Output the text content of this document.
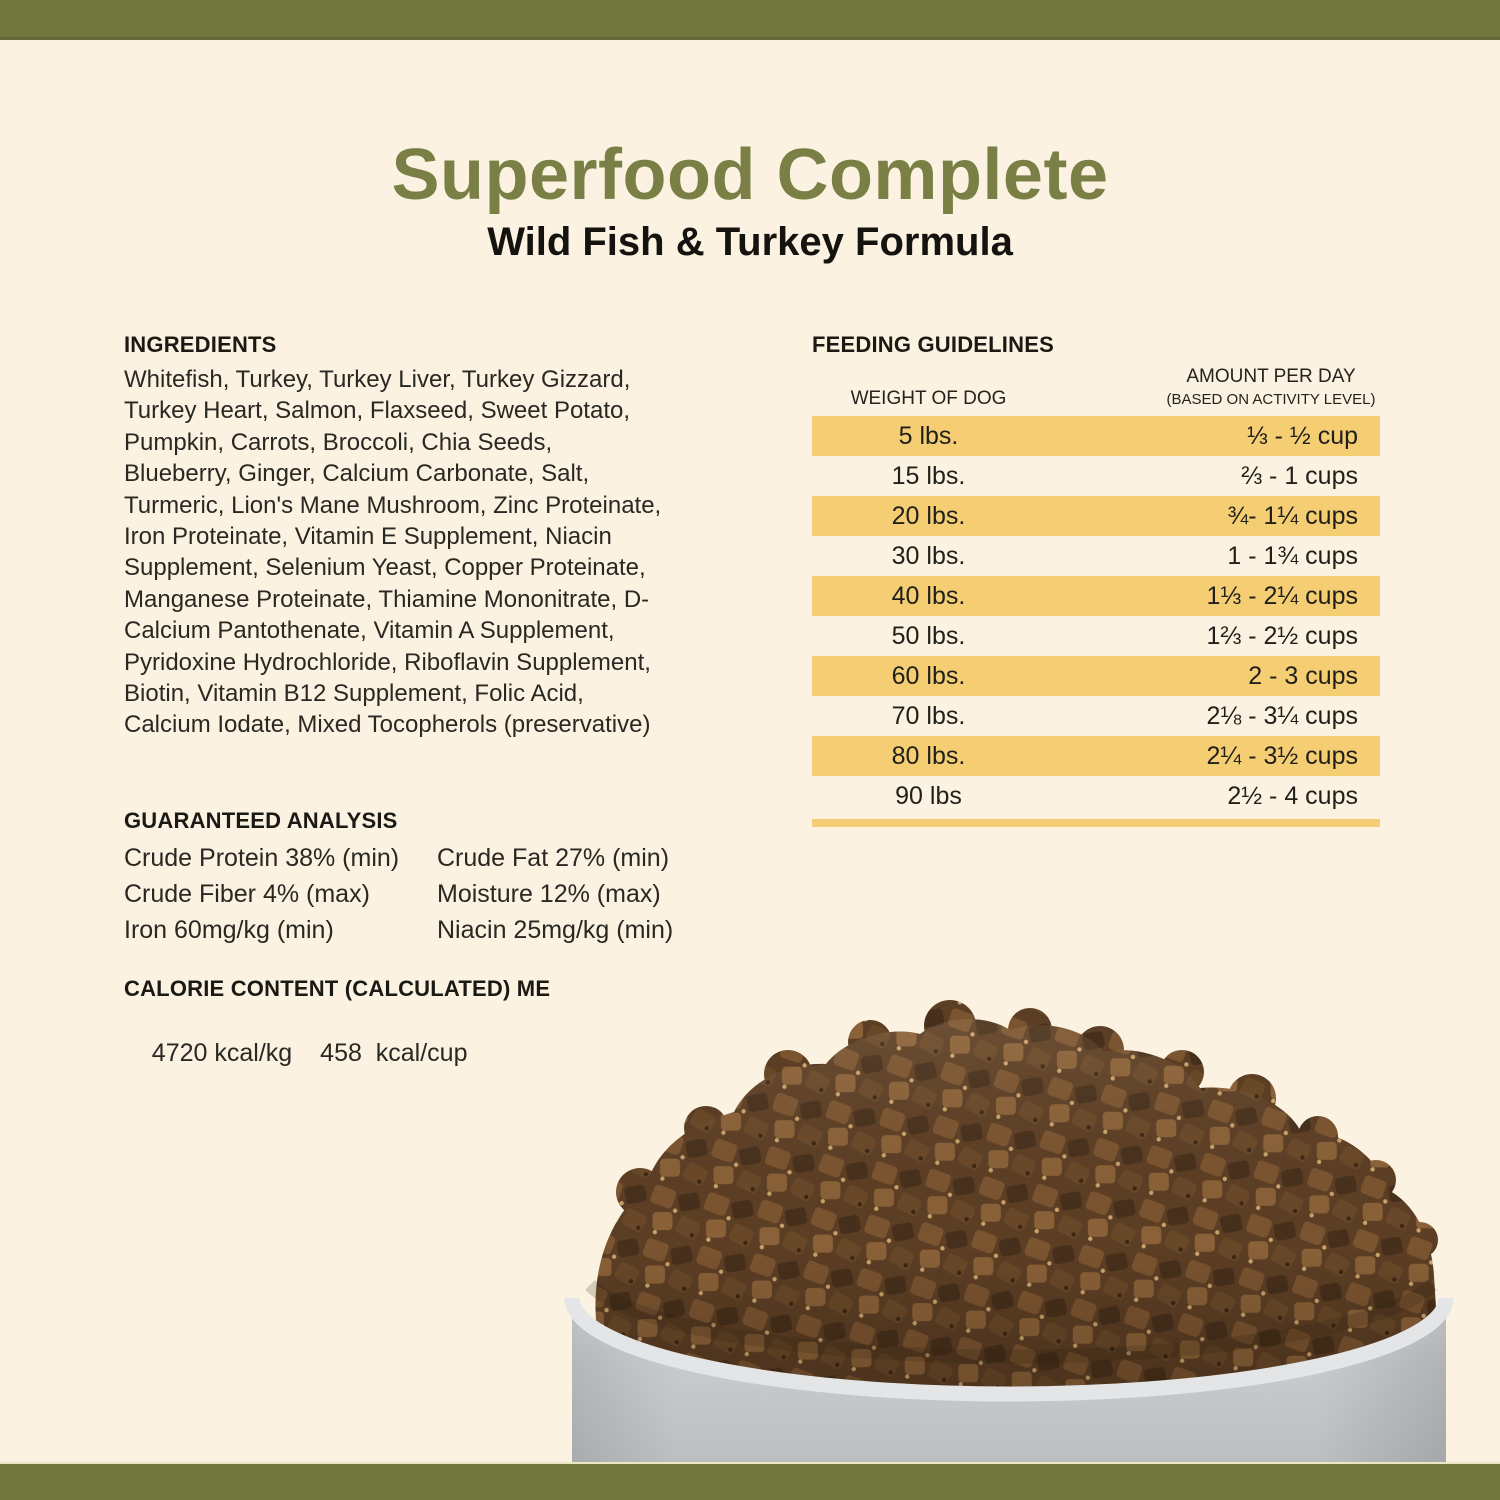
Superfood Complete
Wild Fish & Turkey Formula
INGREDIENTS
Whitefish, Turkey, Turkey Liver, Turkey Gizzard,
Turkey Heart, Salmon, Flaxseed, Sweet Potato,
Pumpkin, Carrots, Broccoli, Chia Seeds,
Blueberry, Ginger, Calcium Carbonate, Salt,
Turmeric, Lion's Mane Mushroom, Zinc Proteinate,
Iron Proteinate, Vitamin E Supplement, Niacin
Supplement, Selenium Yeast, Copper Proteinate,
Manganese Proteinate, Thiamine Mononitrate, D-
Calcium Pantothenate, Vitamin A Supplement,
Pyridoxine Hydrochloride, Riboflavin Supplement,
Biotin, Vitamin B12 Supplement, Folic Acid,
Calcium Iodate, Mixed Tocopherols (preservative)
GUARANTEED ANALYSIS
Crude Protein 38% (min)	Crude Fat 27% (min)
Crude Fiber 4% (max)	Moisture 12% (max)
Iron 60mg/kg (min)	Niacin 25mg/kg (min)
CALORIE CONTENT (CALCULATED) ME

4720 kcal/kg 458  kcal/cup

FEEDING GUIDELINES
WEIGHT OF DOG
AMOUNT PER DAY
(BASED ON ACTIVITY LEVEL)
5 lbs.	⅓ - ½ cup
15 lbs.	⅔ - 1 cups
20 lbs.	¾- 1¼ cups
30 lbs.	1 - 1¾ cups
40 lbs.	1⅓ - 2¼ cups
50 lbs.	1⅔ - 2½ cups
60 lbs.	2 - 3 cups
70 lbs.	2⅛ - 3¼ cups
80 lbs.	2¼ - 3½ cups
90 lbs	2½ - 4 cups
